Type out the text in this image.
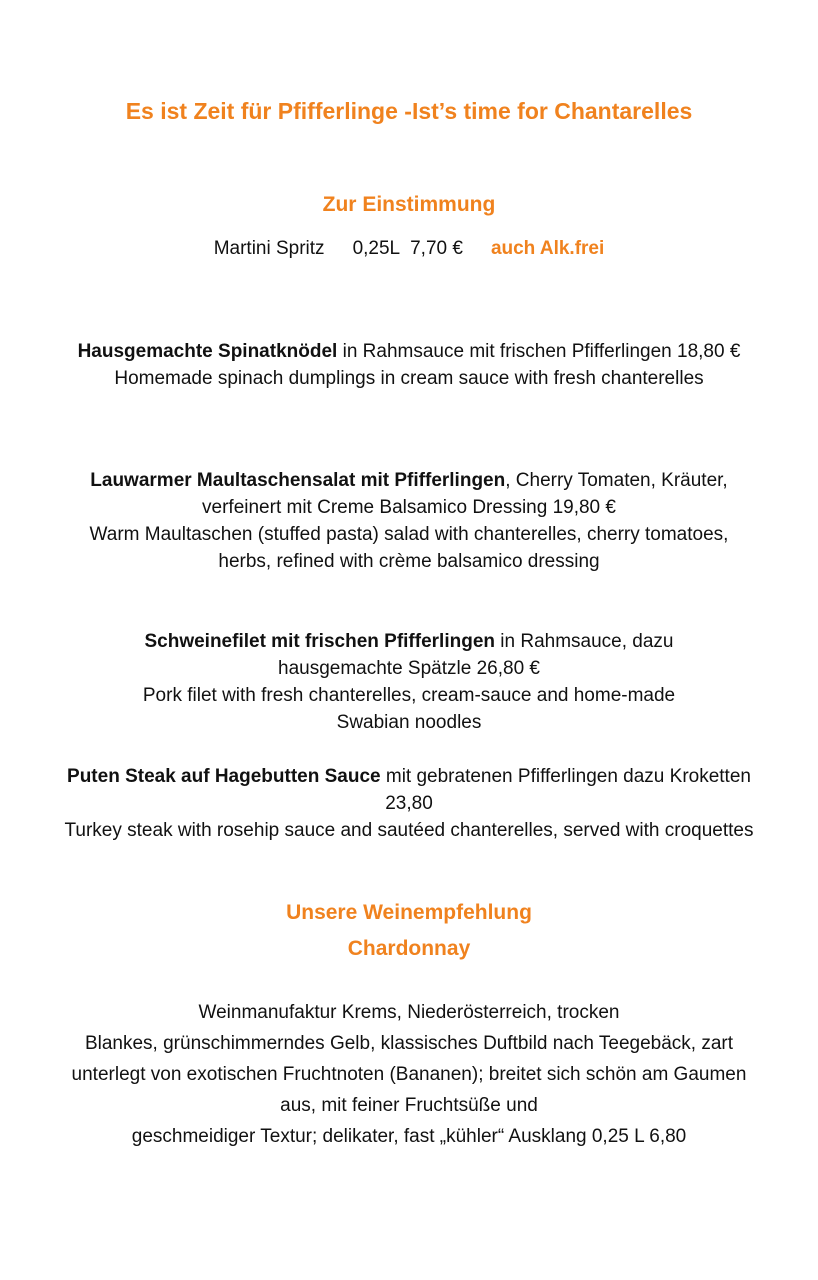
Es ist Zeit für Pfifferlinge -Ist’s time for Chantarelles
Zur Einstimmung
Martini Spritz 0,25L 7,70 € auch Alk.frei
Hausgemachte Spinatknödel in Rahmsauce mit frischen Pfifferlingen 18,80 €
Homemade spinach dumplings in cream sauce with fresh chanterelles
Lauwarmer Maultaschensalat mit Pfifferlingen, Cherry Tomaten, Kräuter,
verfeinert mit Creme Balsamico Dressing 19,80 €
Warm Maultaschen (stuffed pasta) salad with chanterelles, cherry tomatoes,
herbs, refined with crème balsamico dressing
Schweinefilet mit frischen Pfifferlingen in Rahmsauce, dazu
hausgemachte Spätzle 26,80 €
Pork filet with fresh chanterelles, cream-sauce and home-made
Swabian noodles
Puten Steak auf Hagebutten Sauce mit gebratenen Pfifferlingen dazu Kroketten
23,80
Turkey steak with rosehip sauce and sautéed chanterelles, served with croquettes
Unsere Weinempfehlung
Chardonnay
Weinmanufaktur Krems, Niederösterreich, trocken
Blankes, grünschimmerndes Gelb, klassisches Duftbild nach Teegebäck, zart
unterlegt von exotischen Fruchtnoten (Bananen); breitet sich schön am Gaumen
aus, mit feiner Fruchtsüße und
geschmeidiger Textur; delikater, fast „kühler“ Ausklang 0,25 L 6,80
